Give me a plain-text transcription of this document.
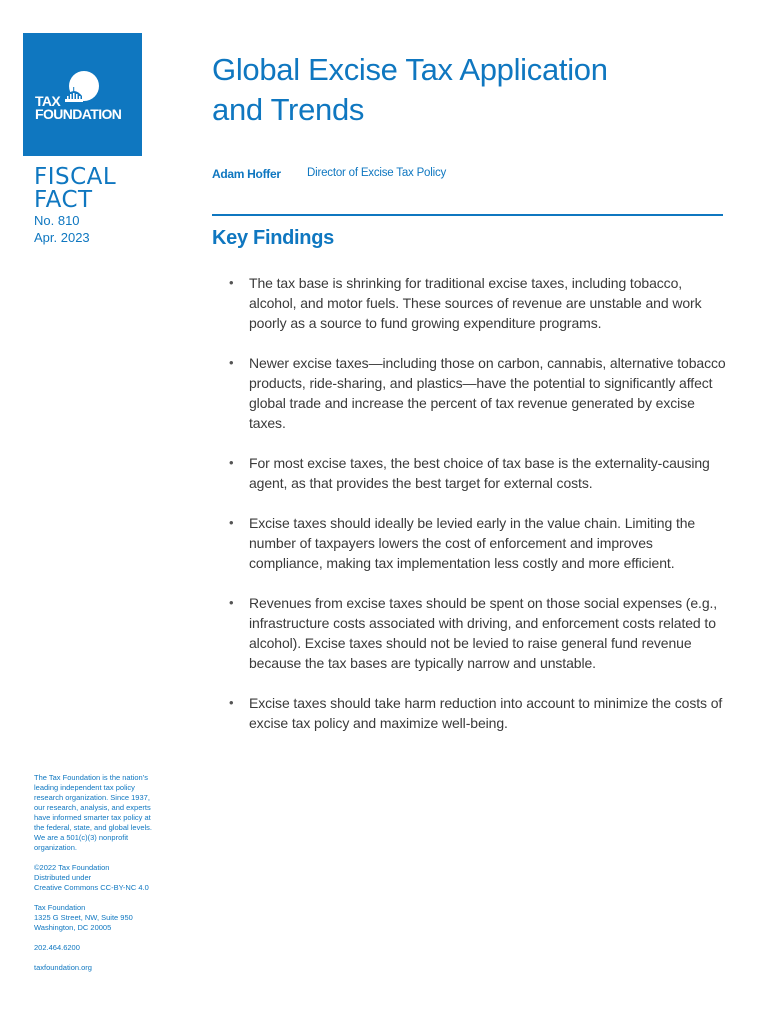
TAX
FOUNDATION
FISCAL
FACT
No. 810
Apr. 2023
Global Excise Tax Application
and Trends
Adam Hoffer Director of Excise Tax Policy
Key Findings
• The tax base is shrinking for traditional excise taxes, including tobacco, alcohol, and motor fuels. These sources of revenue are unstable and work poorly as a source to fund growing expenditure programs.
• Newer excise taxes—including those on carbon, cannabis, alternative tobacco products, ride-sharing, and plastics—have the potential to significantly affect global trade and increase the percent of tax revenue generated by excise taxes.
• For most excise taxes, the best choice of tax base is the externality-causing agent, as that provides the best target for external costs.
• Excise taxes should ideally be levied early in the value chain. Limiting the number of taxpayers lowers the cost of enforcement and improves compliance, making tax implementation less costly and more efficient.
• Revenues from excise taxes should be spent on those social expenses (e.g., infrastructure costs associated with driving, and enforcement costs related to alcohol). Excise taxes should not be levied to raise general fund revenue because the tax bases are typically narrow and unstable.
• Excise taxes should take harm reduction into account to minimize the costs of excise tax policy and maximize well-being.

The Tax Foundation is the nation’s leading independent tax policy research organization. Since 1937, our research, analysis, and experts have informed smarter tax policy at the federal, state, and global levels. We are a 501(c)(3) nonprofit organization.

©2022 Tax Foundation
Distributed under
Creative Commons CC-BY-NC 4.0

Tax Foundation
1325 G Street, NW, Suite 950
Washington, DC 20005

202.464.6200

taxfoundation.org
